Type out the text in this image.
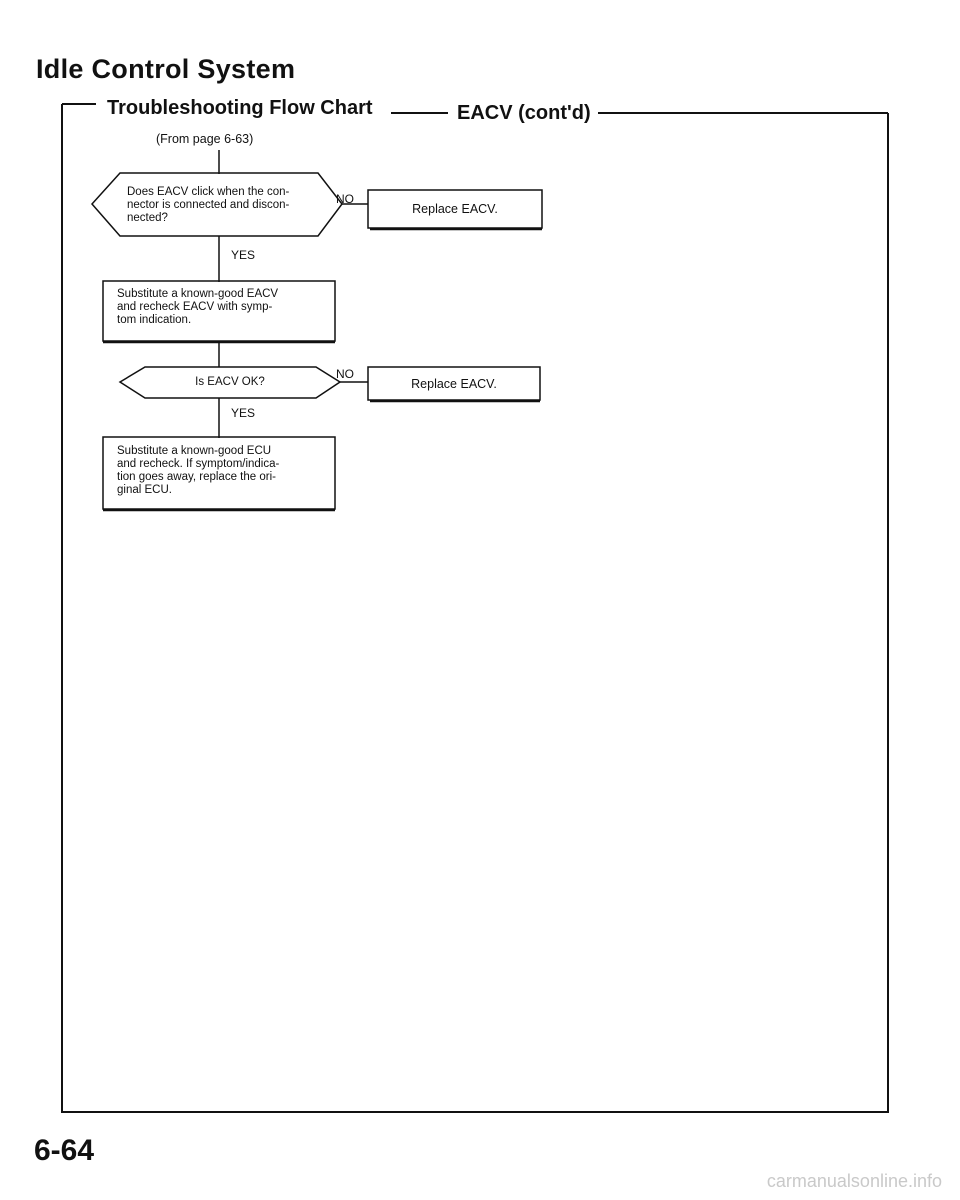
Idle Control System
Troubleshooting Flow Chart	EACV (cont'd)
(From page 6-63)
Does EACV click when the con-
nector is connected and discon-
nected?
NO
YES
Replace EACV.
Substitute a known-good EACV
and recheck EACV with symp-
tom indication.
Is EACV OK?
NO
YES
Replace EACV.
Substitute a known-good ECU
and recheck. If symptom/indica-
tion goes away, replace the ori-
ginal ECU.
6-64
carmanualsonline.info
